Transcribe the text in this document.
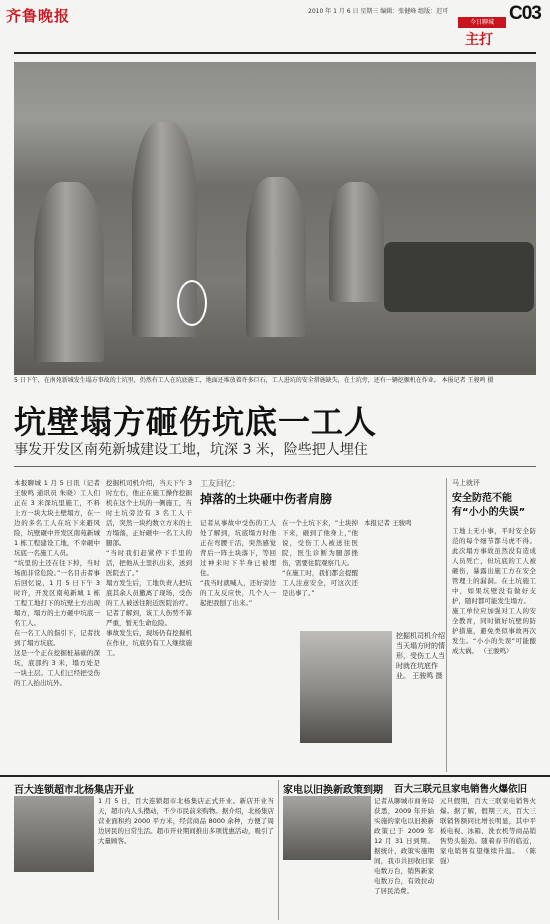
齐鲁晚报	2010 年 1 月 6 日 星期三 编辑：张健峰 组版：迟可
今日聊城 C03
主打
5 日下午，在南苑新城发生塌方事故的土坑里，仍然有工人在坑底施工，地面还堆放着许多巨石，工人进坑的安全措施缺失，在土坑旁，还有一辆挖掘机在作业。 本报记者 王骏鸣 摄
坑壁塌方砸伤坑底一工人
事发开发区南苑新城建设工地，坑深 3 米，险些把人埋住
本报聊城 1 月 5 日讯（记者 王骏鸣 通讯员 朱晓）工人们正在 3 米深坑里施工，不料上方一块大块土壁塌方，在一边的多名工人在坑下来避风险，坑壁砸中开发区南苑新城 1 栋工程建设工地，不幸砸中坑底一名施工人员。
“坑里的土还在往下掉，当时场面非常危险。”一名目击者事后回忆说，1 月 5 日下午 3 时许，开发区南苑新城 1 栋工程工地打下的坑壁土方出现塌方，塌方的土方砸中坑底一名工人。
在一名工人的指引下，记者找到了塌方坑底。
这是一个正在挖掘桩基础的深坑，底部约 3 米，塌方处是一块土层。工人们已经把受伤的工人抬出坑外。
挖掘机司机介绍，当天下午 3 时左右，他正在施工操作挖掘机在这个土坑的一侧施工，当时土坑旁边有 3 名工人干活，突然一块约数立方米的土方塌落，正好砸中一名工人的腿部。
“当时我们赶紧停下手里的活，把他从土里扒出来，送到医院去了。”
塌方发生后，工地负责人把坑底其余人员撤离了现场，受伤的工人被送往附近医院治疗。记者了解到，该工人伤势不算严重，暂无生命危险。
事故发生后，现场仍有挖掘机在作业，坑底仍有工人继续施工。
工友回忆：
掉落的土块砸中伤者肩膀
记者从事故中受伤的工人处了解到，坑底塌方时他正在弯腰干活，突然感觉背后一阵土块落下，等回过神来时下半身已被埋住。
“我当时就喊人，还好旁边的工友反应快，几个人一起把我刨了出来。”
在一个土坑下来，“土块掉下来，砸到了他身上，”他说，受伤工人被送往医院，医生诊断为腿部挫伤，需要住院观察几天。
“在施工时，我们都会提醒工人注意安全，可这次还是出事了。”
本报记者 王骏鸣
挖掘机司机介绍当天塌方时的情形，受伤工人当时就在坑底作业。 王骏鸣 摄
马上就评
安全防范不能有“小小的失误”
工地上无小事，平时安全防范的每个细节都马虎不得。此次塌方事故虽然没有造成人员死亡，但坑底的工人被砸伤，暴露出施工方在安全管理上的漏洞。在土坑施工中，如果坑壁没有做好支护，随时都可能发生塌方。
施工单位应加强对工人的安全教育，同时做好坑壁的防护措施，避免类似事故再次发生。“小小的失误”可能酿成大祸。 （王骏鸣）
百大连锁超市北杨集店开业
1 月 5 日，百大连锁超市北杨集店正式开业。新店开业当天，超市内人头攒动，不少市民前来购物。据介绍，北杨集店营业面积约 2000 平方米，经营商品 8000 余种，方便了周边居民的日常生活。超市开业期间推出多项优惠活动，吸引了大量顾客。
家电以旧换新政策到期
记者从聊城市商务局获悉，2009 年开始实施的家电以旧换新政策已于 2009 年 12 月 31 日到期。据统计，政策实施期间，我市共回收旧家电数万台，销售新家电数万台，有效拉动了居民消费。
百大三联元旦家电销售火爆依旧
元旦假期，百大三联家电销售火爆。据了解，假期三天，百大三联销售额同比增长明显，其中平板电视、冰箱、洗衣机等商品销售势头强劲。随着春节的临近，家电销售有望继续升温。 （陈强）
